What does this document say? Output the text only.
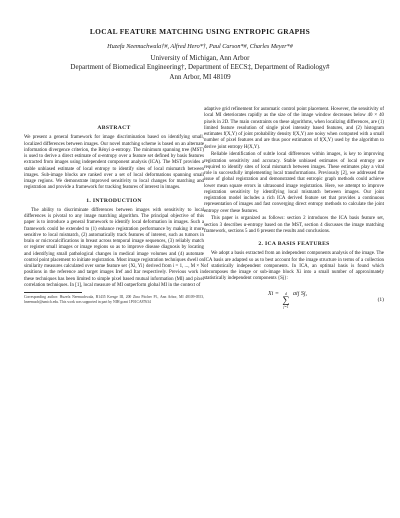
LOCAL FEATURE MATCHING USING ENTROPIC GRAPHS
Huzefa Neemuchwala†#, Alfred Hero*†, Paul Carson*#, Charles Meyer*#
University of Michigan, Ann Arbor
Department of Biomedical Engineering†, Department of EECS‡, Department of Radiology#
Ann Arbor, MI 48109
ABSTRACT

We present a general framework for image discrimination based on identifying small, localized differences between images. Our novel matching scheme is based on an alternate information divergence criterion, the Rényi α-entropy. The minimum spanning tree (MST) is used to derive a direct estimate of α-entropy over a feature set defined by basis features extracted from images using independent component analysis (ICA). The MST provides a stable unbiased estimate of local entropy to identify sites of local mismatch between images. Sub-image blocks are ranked over a set of local deformations spanning small image regions. We demonstrate improved sensitivity to local changes for matching and registration and provide a framework for tracking features of interest in images.

1. INTRODUCTION

The ability to discriminate differences between images with sensitivity to local differences is pivotal to any image matching algorithm. The principal objective of this paper is to introduce a general framework to identify local deformation in images. Such a framework could be extended to (1) enhance registration performance by making it more sensitive to local mismatch, (2) automatically track features of interest, such as tumors in brain or microcalcifications in breast across temporal image sequences, (3) reliably match or register small images or image regions so as to improve disease diagnosis by locating and identifying small pathological changes in medical image volumes and (4) automate control point placement to initiate registration. Most image registration techniques dwell on similarity measures calculated over some feature set {Xi, Yi} derived from i = 1, ..., M × N positions in the reference and target images Iref and Itar respectively. Previous work in these techniques has been limited to simple pixel based mutual information (MI) and pixel correlation techniques. In [1], local measure of MI outperform global MI in the context of

Corresponding author: Huzefa Neemuchwala, B1435 Kresge III, 200 Zina Pitcher Pl., Ann Arbor, MI 48109-0553, hneemuch@umich.edu. This work was supported in part by NIH grant 1P01CA87634

adaptive grid refinement for automatic control point placement. However, the sensitivity of local MI deteriorates rapidly as the size of the image window decreases below 40 × 40 pixels in 2D. The main constraints on these algorithms, when localizing differences, are (1) limited feature resolution of single pixel intensity based features, and (2) histogram estimates f(X,Y) of joint probability density f(X,Y) are noisy when computed with a small number of pixel features and are thus poor estimators of f(X,Y) used by the algorithm to derive joint entropy H(X,Y).

Reliable identification of subtle local differences within images, is key to improving registration sensitivity and accuracy. Stable unbiased estimates of local entropy are required to identify sites of local mismatch between images. These estimates play a vital role in successfully implementing local transformations. Previously [2], we addressed the issue of global registration and demonstrated that entropic graph methods could achieve lower mean square errors in ultrasound image registration. Here, we attempt to improve registration sensitivity by identifying local mismatch between images. Our joint registration model includes a rich ICA derived feature set that provides a continuous representation of images and fast converging direct entropy methods to calculate the joint entropy over these features.

This paper is organized as follows: section 2 introduces the ICA basis feature set, section 3 describes α-entropy based on the MST, section 4 discusses the image matching framework, sections 5 and 6 present the results and conclusions.

2. ICA BASIS FEATURES

We adopt a basis extracted from an independent components analysis of the image. The ICA basis are adapted so as to best account for the image structure in terms of a collection of statistically independent components. In ICA, an optimal basis is found which decomposes the image or sub-image block Xi into a small number of approximately statistically independent components {Sj}:

Xi = d
∑
j=1
aij Sj,
(1)
